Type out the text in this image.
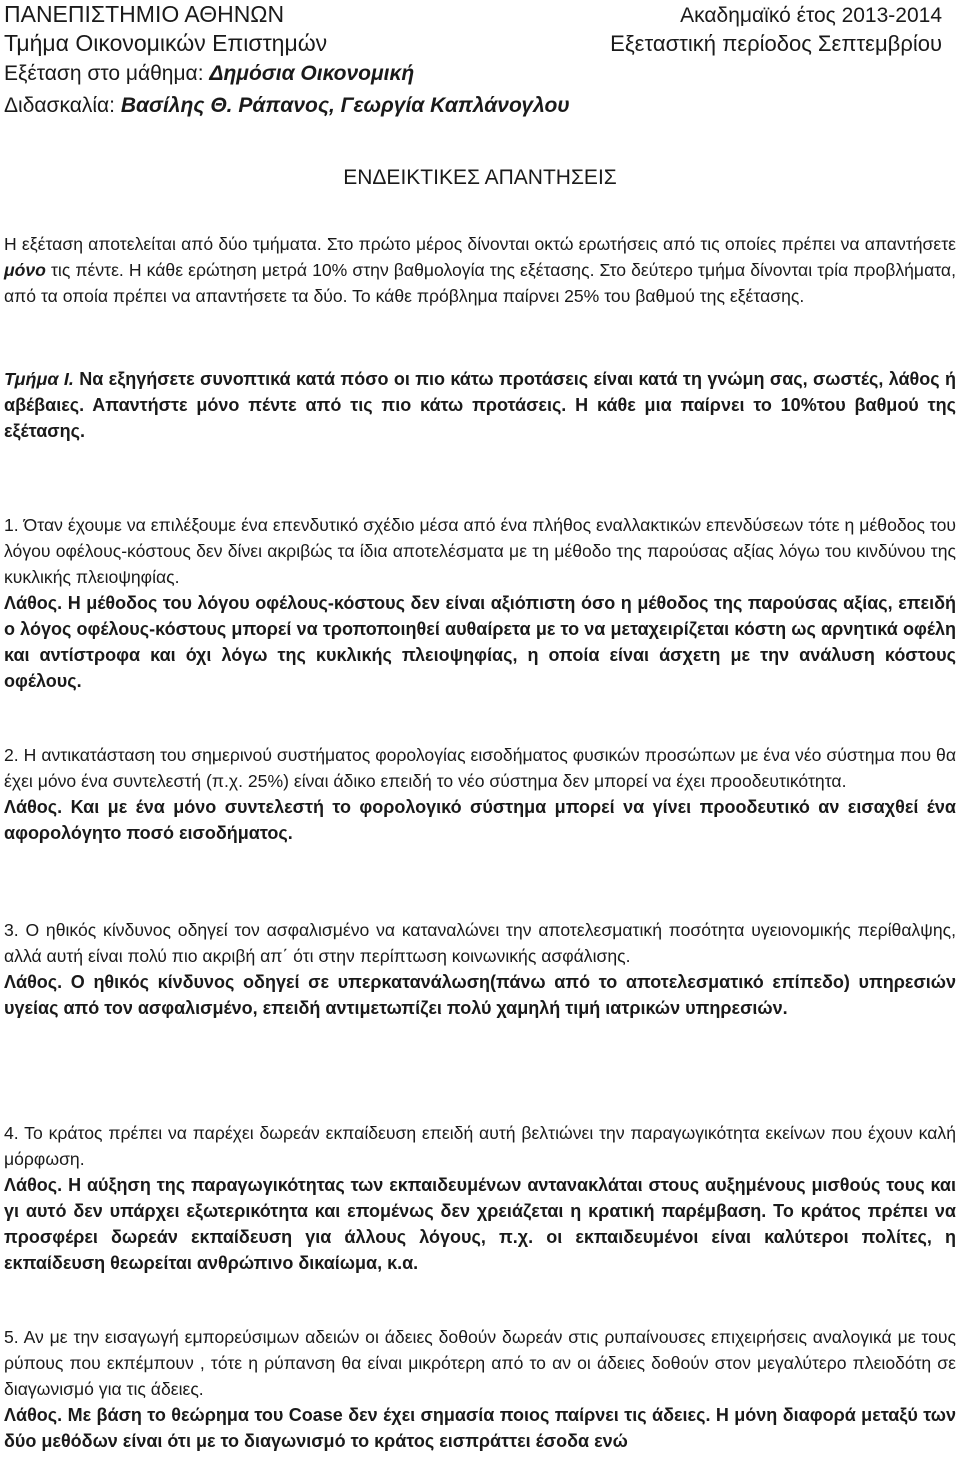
ΠΑΝΕΠΙΣΤΗΜΙΟ ΑΘΗΝΩΝ	Ακαδημαϊκό έτος 2013-2014
Τμήμα Οικονομικών Επιστημών	Εξεταστική περίοδος Σεπτεμβρίου
Εξέταση στο μάθημα: Δημόσια Οικονομική
Διδασκαλία: Βασίλης Θ. Ράπανος, Γεωργία Καπλάνογλου
ΕΝΔΕΙΚΤΙΚΕΣ ΑΠΑΝΤΗΣΕΙΣ
Η εξέταση αποτελείται από δύο τμήματα. Στο πρώτο μέρος δίνονται οκτώ ερωτήσεις από τις οποίες πρέπει να απαντήσετε μόνο τις πέντε. Η κάθε ερώτηση μετρά 10% στην βαθμολογία της εξέτασης. Στο δεύτερο τμήμα δίνονται τρία προβλήματα, από τα οποία πρέπει να απαντήσετε τα δύο. Το κάθε πρόβλημα παίρνει 25% του βαθμού της εξέτασης.
Τμήμα Ι. Να εξηγήσετε συνοπτικά κατά πόσο οι πιο κάτω προτάσεις είναι κατά τη γνώμη σας, σωστές, λάθος ή αβέβαιες. Απαντήστε μόνο πέντε από τις πιο κάτω προτάσεις. Η κάθε μια παίρνει το 10%του βαθμού της εξέτασης.

1. Όταν έχουμε να επιλέξουμε ένα επενδυτικό σχέδιο μέσα από ένα πλήθος εναλλακτικών επενδύσεων τότε η μέθοδος του λόγου οφέλους-κόστους δεν δίνει ακριβώς τα ίδια αποτελέσματα με τη μέθοδο της παρούσας αξίας λόγω του κινδύνου της κυκλικής πλειοψηφίας.

Λάθος. Η μέθοδος του λόγου οφέλους-κόστους δεν είναι αξιόπιστη όσο η μέθοδος της παρούσας αξίας, επειδή ο λόγος οφέλους-κόστους μπορεί να τροποποιηθεί αυθαίρετα με το να μεταχειρίζεται κόστη ως αρνητικά οφέλη και αντίστροφα και όχι λόγω της κυκλικής πλειοψηφίας, η οποία είναι άσχετη με την ανάλυση κόστους οφέλους.

2. Η αντικατάσταση του σημερινού συστήματος φορολογίας εισοδήματος φυσικών προσώπων με ένα νέο σύστημα που θα έχει μόνο ένα συντελεστή (π.χ. 25%) είναι άδικο επειδή το νέο σύστημα δεν μπορεί να έχει προοδευτικότητα.

Λάθος. Και με ένα μόνο συντελεστή το φορολογικό σύστημα μπορεί να γίνει προοδευτικό αν εισαχθεί ένα αφορολόγητο ποσό εισοδήματος.

3. Ο ηθικός κίνδυνος οδηγεί τον ασφαλισμένο να καταναλώνει την αποτελεσματική ποσότητα υγειονομικής περίθαλψης, αλλά αυτή είναι πολύ πιο ακριβή απ΄ ότι στην περίπτωση κοινωνικής ασφάλισης.

Λάθος. Ο ηθικός κίνδυνος οδηγεί σε υπερκατανάλωση(πάνω από το αποτελεσματικό επίπεδο) υπηρεσιών υγείας από τον ασφαλισμένο, επειδή αντιμετωπίζει πολύ χαμηλή τιμή ιατρικών υπηρεσιών.

4. Το κράτος πρέπει να παρέχει δωρεάν εκπαίδευση επειδή αυτή βελτιώνει την παραγωγικότητα εκείνων που έχουν καλή μόρφωση.

Λάθος. Η αύξηση της παραγωγικότητας των εκπαιδευμένων αντανακλάται στους αυξημένους μισθούς τους και γι αυτό δεν υπάρχει εξωτερικότητα και επομένως δεν χρειάζεται η κρατική παρέμβαση. Το κράτος πρέπει να προσφέρει δωρεάν εκπαίδευση για άλλους λόγους, π.χ. οι εκπαιδευμένοι είναι καλύτεροι πολίτες, η εκπαίδευση θεωρείται ανθρώπινο δικαίωμα, κ.α.

5. Αν με την εισαγωγή εμπορεύσιμων αδειών οι άδειες δοθούν δωρεάν στις ρυπαίνουσες επιχειρήσεις αναλογικά με τους ρύπους που εκπέμπουν , τότε η ρύπανση θα είναι μικρότερη από το αν οι άδειες δοθούν στον μεγαλύτερο πλειοδότη σε διαγωνισμό για τις άδειες.

Λάθος. Με βάση το θεώρημα του Coase δεν έχει σημασία ποιος παίρνει τις άδειες. Η μόνη διαφορά μεταξύ των δύο μεθόδων είναι ότι με το διαγωνισμό το κράτος εισπράττει έσοδα ενώ
